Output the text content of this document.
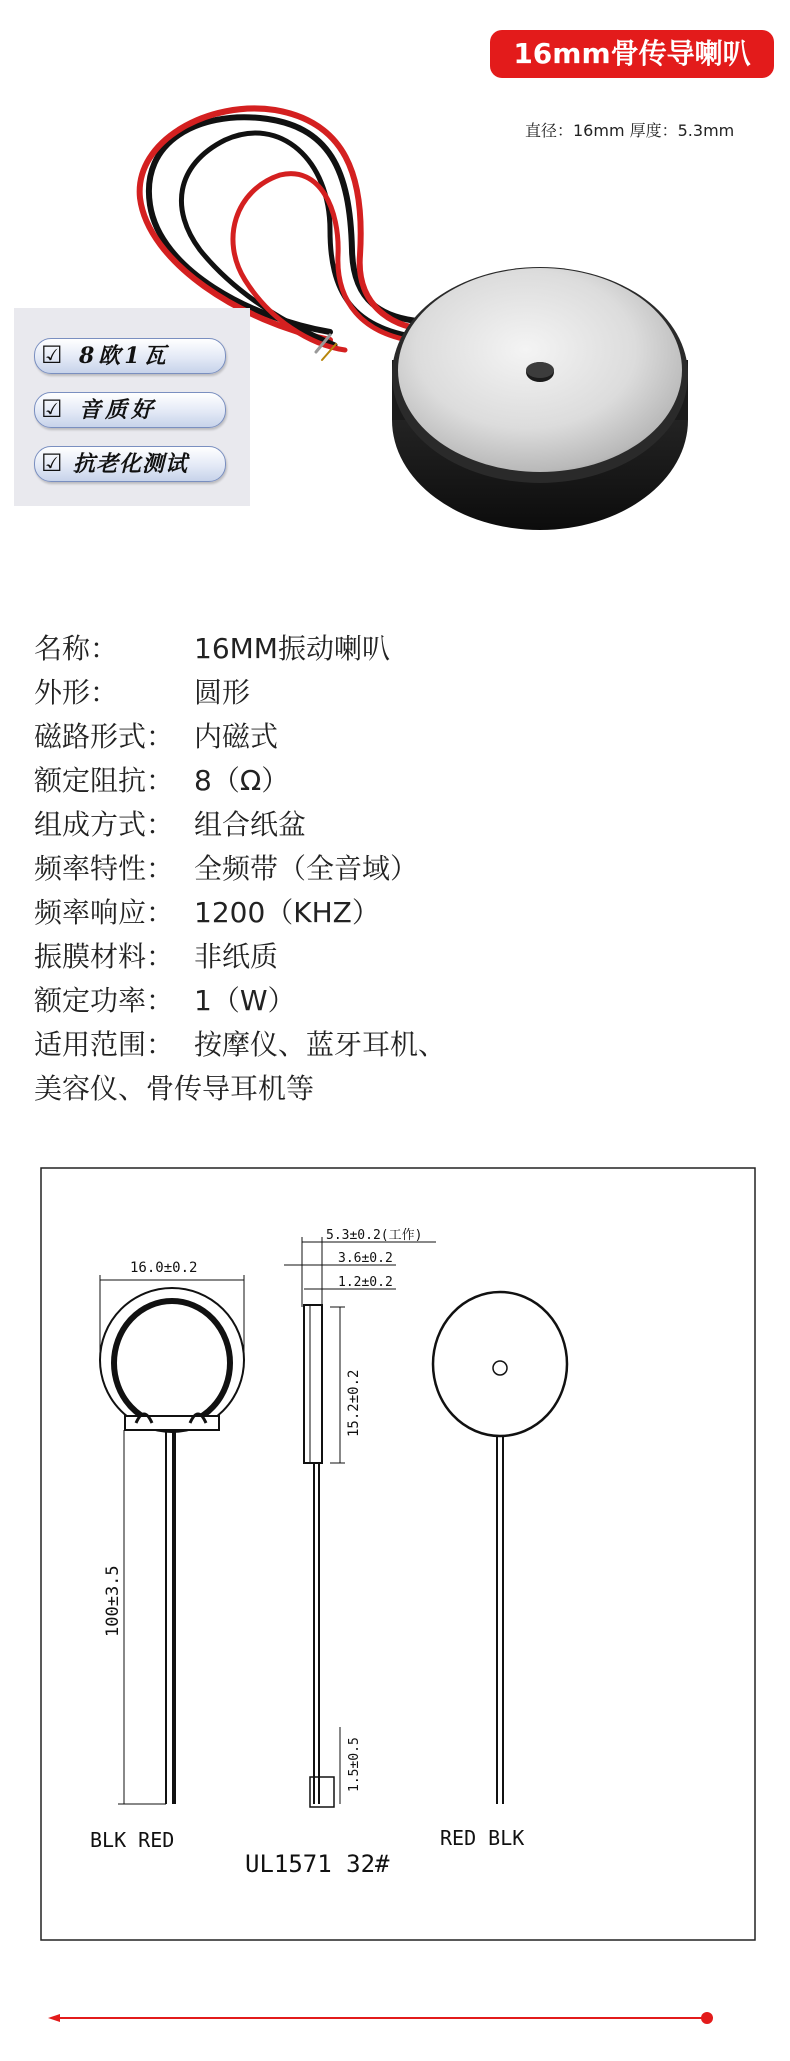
16mm骨传导喇叭
直径：16mm 厚度：5.3mm
☑ 8欧1瓦
☑ 音质好
☑ 抗老化测试
名称：	16MM振动喇叭
外形：	圆形
磁路形式： 内磁式
额定阻抗： 8（Ω）
组成方式： 组合纸盆
频率特性： 全频带（全音域）
频率响应： 1200（KHZ）
振膜材料： 非纸质
额定功率： 1（W）
适用范围： 按摩仪、蓝牙耳机、
美容仪、骨传导耳机等
16.0±0.2
100±3.5
BLK RED
5.3±0.2(工作)
3.6±0.2
1.2±0.2
15.2±0.2
1.5±0.5
UL1571 32#
RED BLK
